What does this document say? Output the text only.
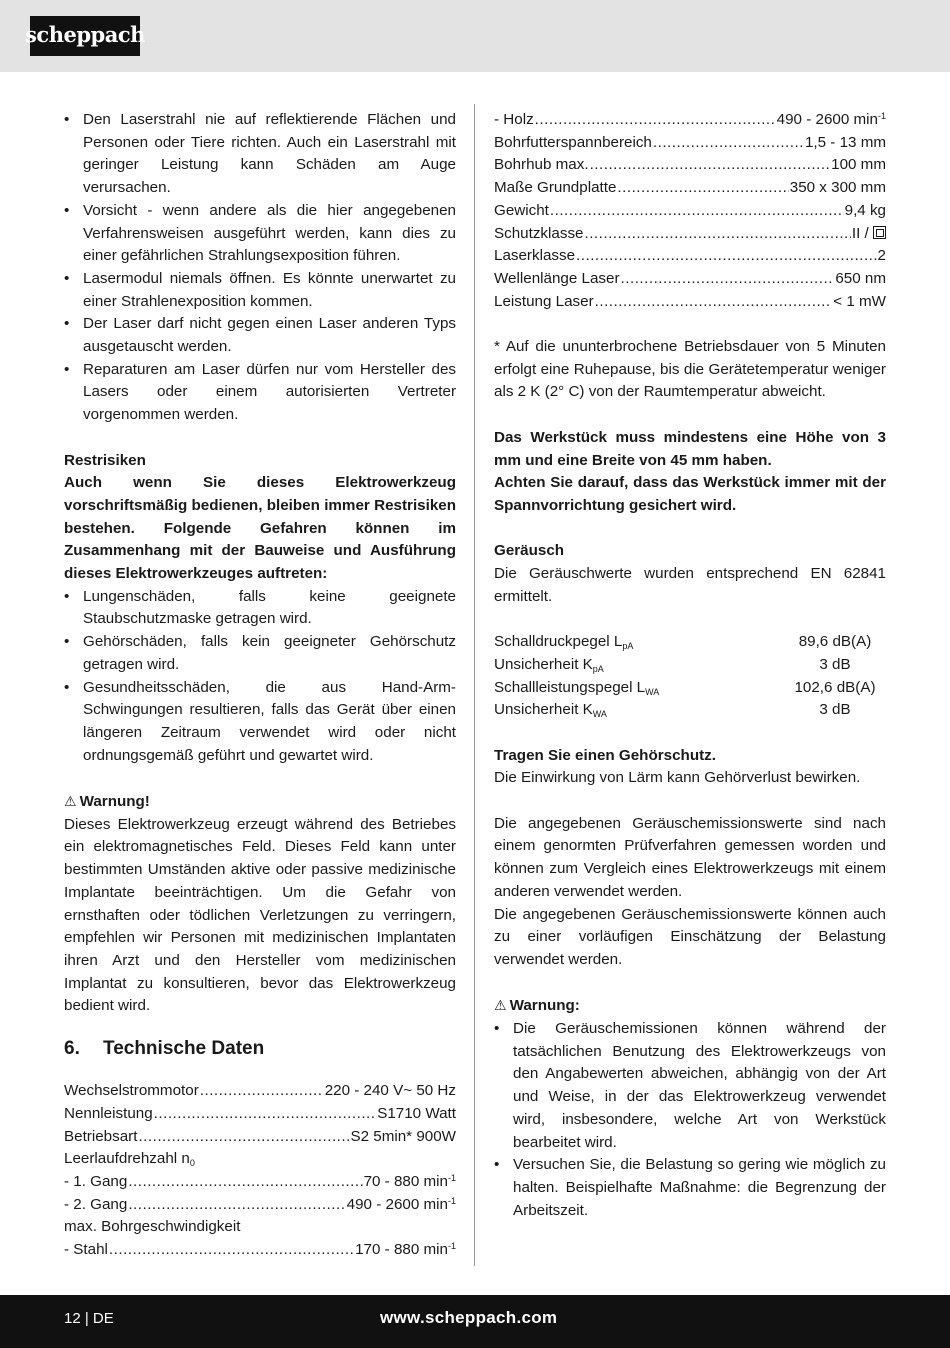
scheppach
• Den Laserstrahl nie auf reflektierende Flächen und Personen oder Tiere richten. Auch ein Laserstrahl mit geringer Leistung kann Schäden am Auge verursachen.
• Vorsicht - wenn andere als die hier angegebenen Verfahrensweisen ausgeführt werden, kann dies zu einer gefährlichen Strahlungsexposition führen.
• Lasermodul niemals öffnen. Es könnte unerwartet zu einer Strahlenexposition kommen.
• Der Laser darf nicht gegen einen Laser anderen Typs ausgetauscht werden.
• Reparaturen am Laser dürfen nur vom Hersteller des Lasers oder einem autorisierten Vertreter vorgenommen werden.
Restrisiken
Auch wenn Sie dieses Elektrowerkzeug vorschriftsmäßig bedienen, bleiben immer Restrisiken bestehen. Folgende Gefahren können im Zusammenhang mit der Bauweise und Ausführung dieses Elektrowerkzeuges auftreten:
• Lungenschäden, falls keine geeignete Staubschutzmaske getragen wird.
• Gehörschäden, falls kein geeigneter Gehörschutz getragen wird.
• Gesundheitsschäden, die aus Hand-Arm-Schwingungen resultieren, falls das Gerät über einen längeren Zeitraum verwendet wird oder nicht ordnungsgemäß geführt und gewartet wird.
⚠ Warnung!
Dieses Elektrowerkzeug erzeugt während des Betriebes ein elektromagnetisches Feld. Dieses Feld kann unter bestimmten Umständen aktive oder passive medizinische Implantate beeinträchtigen. Um die Gefahr von ernsthaften oder tödlichen Verletzungen zu verringern, empfehlen wir Personen mit medizinischen Implantaten ihren Arzt und den Hersteller vom medizinischen Implantat zu konsultieren, bevor das Elektrowerkzeug bedient wird.
6.	Technische Daten
Wechselstrommotor .....	220 - 240 V~ 50 Hz
Nennleistung .....	S1710 Watt
Betriebsart .....	S2 5min* 900W
Leerlaufdrehzahl $n_0$
- 1. Gang .....	70 - 880 $\min^{-1}$
- 2. Gang .....	490 - 2600 $\min^{-1}$
max. Bohrgeschwindigkeit
- Stahl .....	170 - 880 $\min^{-1}$
- Holz .....	490 - 2600 $\min^{-1}$
Bohrfutterspannbereich .....	1,5 - 13 mm
Bohrhub max. .....	100 mm
Maße Grundplatte .....	350 x 300 mm
Gewicht .....	9,4 kg
Schutzklasse .....	II /
Laserklasse .....	2
Wellenlänge Laser .....	650 nm
Leistung Laser .....	< 1 mW
* Auf die ununterbrochene Betriebsdauer von 5 Minuten erfolgt eine Ruhepause, bis die Gerätetemperatur weniger als 2 K (2° C) von der Raumtemperatur abweicht.
Das Werkstück muss mindestens eine Höhe von 3 mm und eine Breite von 45 mm haben.
Achten Sie darauf, dass das Werkstück immer mit der Spannvorrichtung gesichert wird.
Geräusch
Die Geräuschwerte wurden entsprechend EN 62841 ermittelt.
Schalldruckpegel $L_{pA}$	89,6 dB(A)
Unsicherheit $K_{pA}$	3 dB
Schallleistungspegel $L_{WA}$	102,6 dB(A)
Unsicherheit $K_{WA}$	3 dB
Tragen Sie einen Gehörschutz.
Die Einwirkung von Lärm kann Gehörverlust bewirken.
Die angegebenen Geräuschemissionswerte sind nach einem genormten Prüfverfahren gemessen worden und können zum Vergleich eines Elektrowerkzeugs mit einem anderen verwendet werden.
Die angegebenen Geräuschemissionswerte können auch zu einer vorläufigen Einschätzung der Belastung verwendet werden.
⚠ Warnung:
• Die Geräuschemissionen können während der tatsächlichen Benutzung des Elektrowerkzeugs von den Angabewerten abweichen, abhängig von der Art und Weise, in der das Elektrowerkzeug verwendet wird, insbesondere, welche Art von Werkstück bearbeitet wird.
• Versuchen Sie, die Belastung so gering wie möglich zu halten. Beispielhafte Maßnahme: die Begrenzung der Arbeitszeit.
12 | DE	www.scheppach.com
